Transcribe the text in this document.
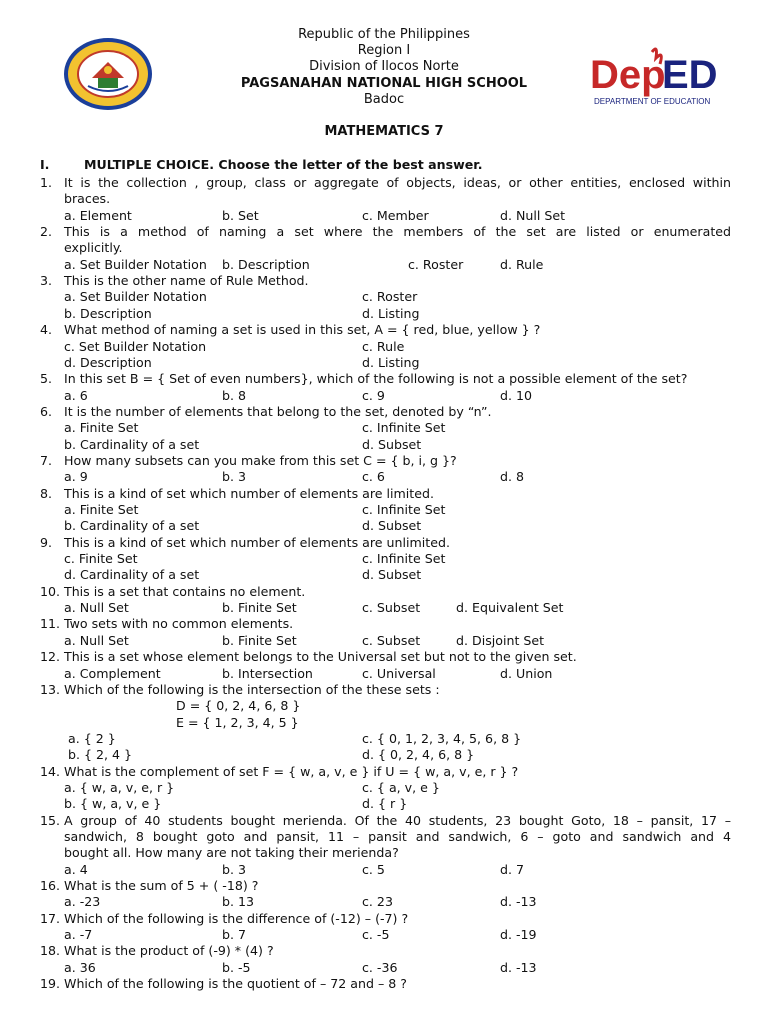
Dep
ED
DEPARTMENT OF EDUCATION
Republic of the Philippines
Region I
Division of Ilocos Norte
PAGSANAHAN NATIONAL HIGH SCHOOL
Badoc
MATHEMATICS 7
I.	MULTIPLE CHOICE. Choose the letter of the best answer.
1. It is the collection , group, class or aggregate of objects, ideas, or other entities, enclosed within
braces.
a. Element	b. Set	c. Member	d. Null Set
2. This is a method of naming a set where the members of the set are listed or enumerated
explicitly.
a. Set Builder Notation b. Description	c. Roster	d. Rule
3. This is the other name of Rule Method.
a. Set Builder Notation	c. Roster
b. Description	d. Listing
4. What method of naming a set is used in this set, A = { red, blue, yellow } ?
c. Set Builder Notation	c. Rule
d. Description	d. Listing
5. In this set B = { Set of even numbers}, which of the following is not a possible element of the set?
a. 6	b. 8	c. 9	d. 10
6. It is the number of elements that belong to the set, denoted by “n”.
a. Finite Set	c. Infinite Set
b. Cardinality of a set	d. Subset
7. How many subsets can you make from this set C = { b, i, g }?
a. 9	b. 3	c. 6	d. 8
8. This is a kind of set which number of elements are limited.
a. Finite Set	c. Infinite Set
b. Cardinality of a set	d. Subset
9. This is a kind of set which number of elements are unlimited.
c. Finite Set	c. Infinite Set
d. Cardinality of a set	d. Subset
10. This is a set that contains no element.
a. Null Set	b. Finite Set	c. Subset	d. Equivalent Set
11. Two sets with no common elements.
a. Null Set	b. Finite Set	c. Subset	d. Disjoint Set
12. This is a set whose element belongs to the Universal set but not to the given set.
a. Complement	b. Intersection	c. Universal	d. Union
13. Which of the following is the intersection of the these sets :
D = { 0, 2, 4, 6, 8 }
E = { 1, 2, 3, 4, 5 }
a. { 2 }	c. { 0, 1, 2, 3, 4, 5, 6, 8 }
b. { 2, 4 }	d. { 0, 2, 4, 6, 8 }
14. What is the complement of set F = { w, a, v, e } if U = { w, a, v, e, r } ?
a. { w, a, v, e, r }	c. { a, v, e }
b. { w, a, v, e }	d. { r }
15. A group of 40 students bought merienda. Of the 40 students, 23 bought Goto, 18 – pansit, 17 –
sandwich, 8 bought goto and pansit, 11 – pansit and sandwich, 6 – goto and sandwich and 4
bought all. How many are not taking their merienda?
a. 4	b. 3	c. 5	d. 7
16. What is the sum of 5 + ( -18) ?
a. -23	b. 13	c. 23	d. -13
17. Which of the following is the difference of (-12) – (-7) ?
a. -7	b. 7	c. -5	d. -19
18. What is the product of (-9) * (4) ?
a. 36	b. -5	c. -36	d. -13
19. Which of the following is the quotient of – 72 and – 8 ?
